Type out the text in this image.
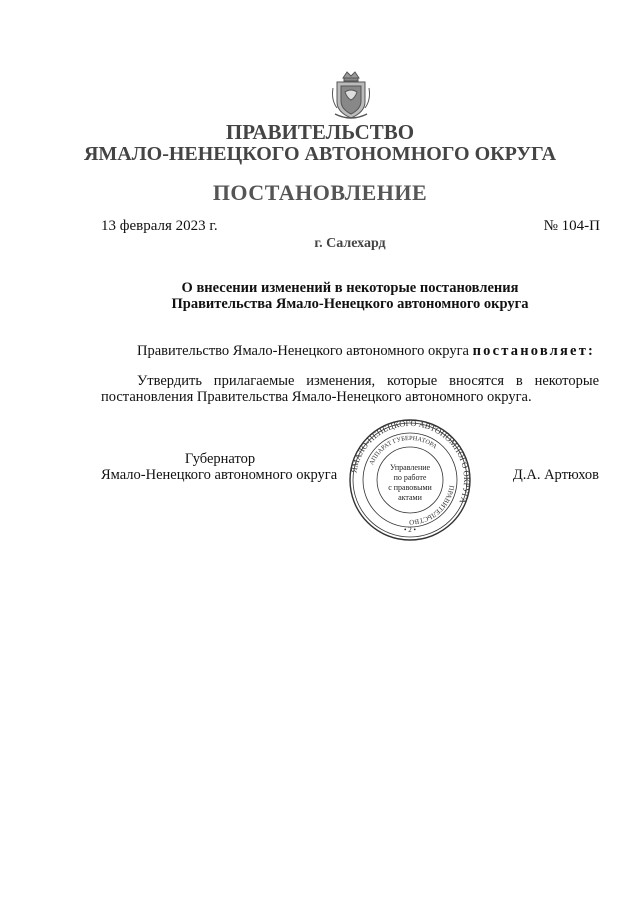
ПРАВИТЕЛЬСТВО
ЯМАЛО-НЕНЕЦКОГО АВТОНОМНОГО ОКРУГА
ПОСТАНОВЛЕНИЕ
13 февраля 2023 г.	№ 104-П
г. Салехард
О внесении изменений в некоторые постановления
Правительства Ямало-Ненецкого автономного округа
Правительство Ямало-Ненецкого автономного округа постановляет:
Утвердить прилагаемые изменения, которые вносятся в некоторые
постановления Правительства Ямало-Ненецкого автономного округа.
Губернатор
Ямало-Ненецкого автономного округа	Д.А. Артюхов
ЯМАЛО-НЕНЕЦКОГО АВТОНОМНОГО ОКРУГА
АППАРАТ ГУБЕРНАТОРА
ПРАВИТЕЛЬСТВО
Управление
по работе
с правовыми
актами
• 2 •
